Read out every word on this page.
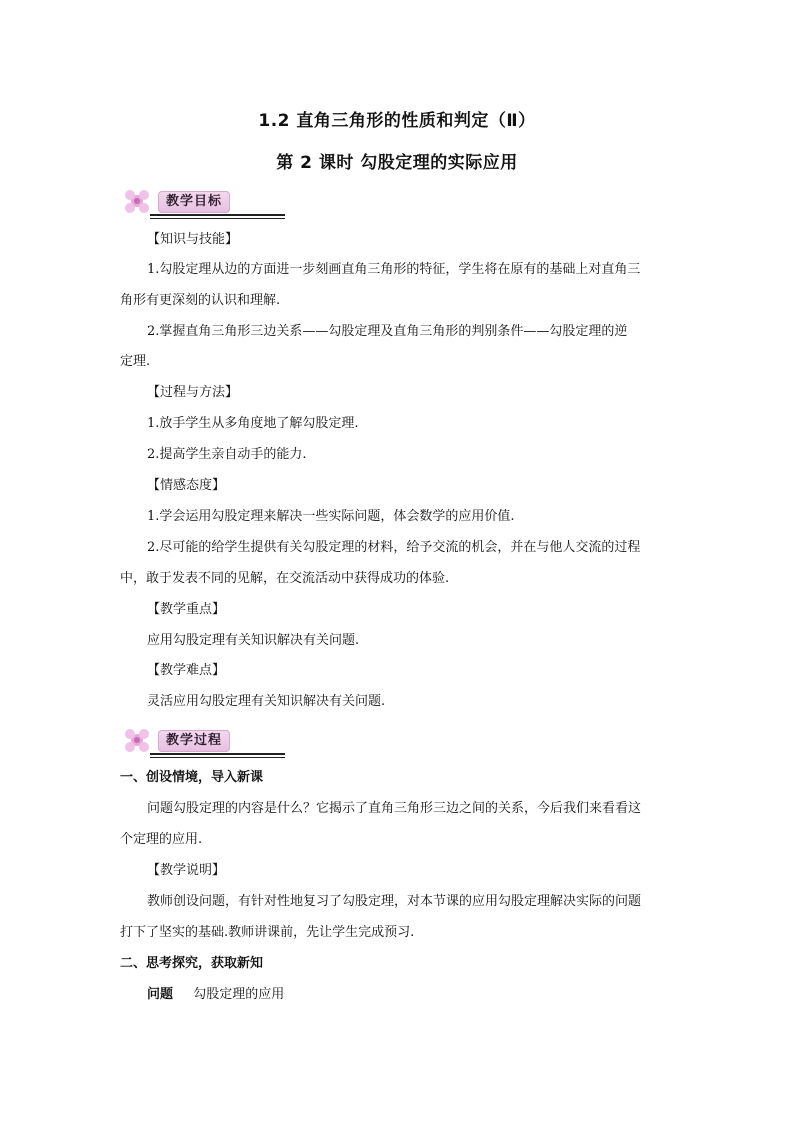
1.2 直角三角形的性质和判定（Ⅱ）
第 2 课时 勾股定理的实际应用
教学目标
【知识与技能】
1.勾股定理从边的方面进一步刻画直角三角形的特征，学生将在原有的基础上对直角三
角形有更深刻的认识和理解.
2.掌握直角三角形三边关系——勾股定理及直角三角形的判别条件——勾股定理的逆
定理.
【过程与方法】
1.放手学生从多角度地了解勾股定理.
2.提高学生亲自动手的能力.
【情感态度】
1.学会运用勾股定理来解决一些实际问题，体会数学的应用价值.
2.尽可能的给学生提供有关勾股定理的材料，给予交流的机会，并在与他人交流的过程
中，敢于发表不同的见解，在交流活动中获得成功的体验.
【教学重点】
应用勾股定理有关知识解决有关问题.
【教学难点】
灵活应用勾股定理有关知识解决有关问题.
教学过程
一、创设情境，导入新课
问题勾股定理的内容是什么？它揭示了直角三角形三边之间的关系，今后我们来看看这
个定理的应用.
【教学说明】
教师创设问题，有针对性地复习了勾股定理，对本节课的应用勾股定理解决实际的问题
打下了坚实的基础.教师讲课前，先让学生完成预习.
二、思考探究，获取新知
问题 勾股定理的应用
